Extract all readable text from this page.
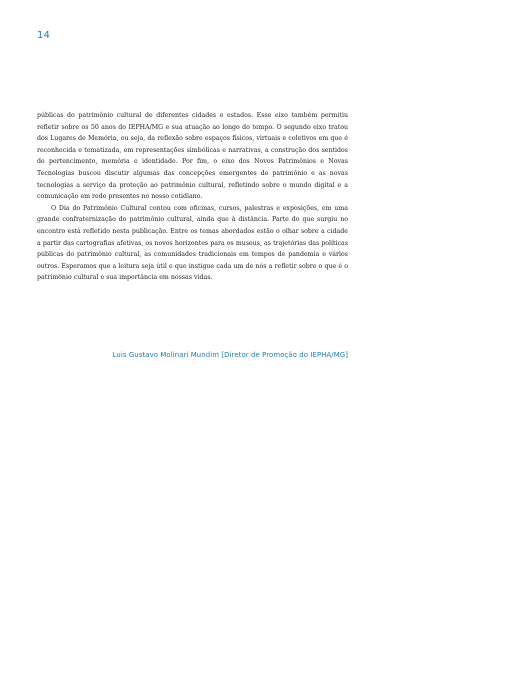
14

públicas do patrimônio cultural de diferentes cidades e estados. Esse eixo também permitiu refletir sobre os 50 anos do IEPHA/MG e sua atuação ao longo do tempo. O segundo eixo tratou dos Lugares de Memória, ou seja, da reflexão sobre espaços físicos, virtuais e coletivos em que é reconhecida e tematizada, em representações simbólicas e narrativas, a construção dos sentidos de pertencimento, memória e identidade. Por fim, o eixo dos Novos Patrimônios e Novas Tecnologias buscou discutir algumas das concepções emergentes de patrimônio e as novas tecnologias a serviço da proteção ao patrimônio cultural, refletindo sobre o mundo digital e a comunicação em rede presentes no nosso cotidiano.

O Dia do Patrimônio Cultural contou com oficinas, cursos, palestras e exposições, em uma grande confraternização do patrimônio cultural, ainda que à distância. Parte do que surgiu no encontro está refletido nesta publicação. Entre os temas abordados estão o olhar sobre a cidade a partir das cartografias afetivas, os novos horizontes para os museus, as trajetórias das políticas públicas do patrimônio cultural, as comunidades tradicionais em tempos de pandemia e vários outros. Esperamos que a leitura seja útil e que instigue cada um de nós a refletir sobre o que é o patrimônio cultural e sua importância em nossas vidas.

Luis Gustavo Molinari Mundim [Diretor de Promoção do IEPHA/MG]
